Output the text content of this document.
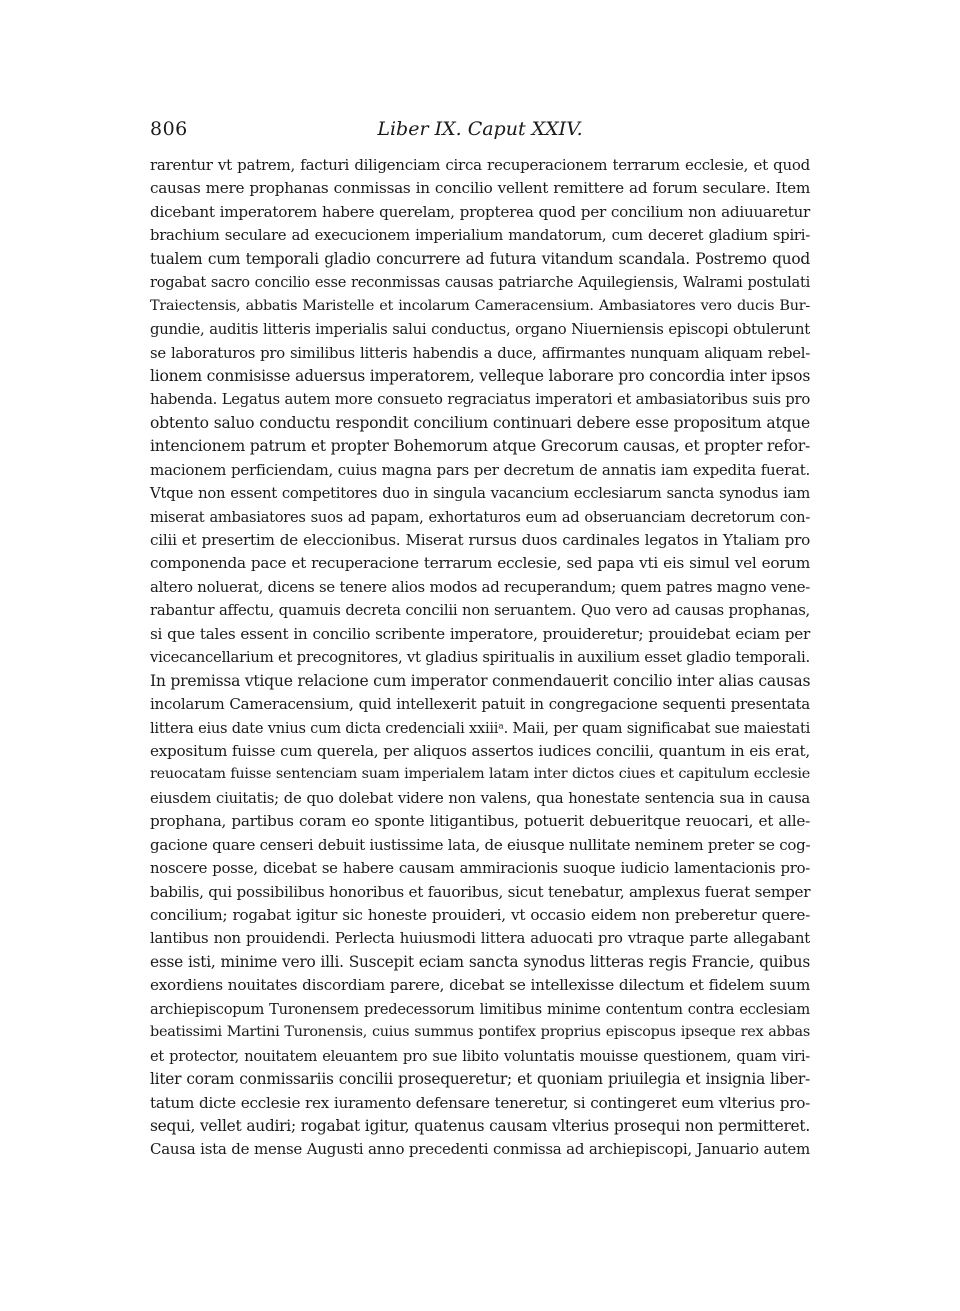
806	Liber IX. Caput XXIV.
rarentur vt patrem, facturi diligenciam circa recuperacionem terrarum ecclesie, et quod
causas mere prophanas conmissas in concilio vellent remittere ad forum seculare. Item
dicebant imperatorem habere querelam, propterea quod per concilium non adiuuaretur
brachium seculare ad execucionem imperialium mandatorum, cum deceret gladium spiri-
tualem cum temporali gladio concurrere ad futura vitandum scandala. Postremo quod
rogabat sacro concilio esse reconmissas causas patriarche Aquilegiensis, Walrami postulati
Traiectensis, abbatis Maristelle et incolarum Cameracensium. Ambasiatores vero ducis Bur-
gundie, auditis litteris imperialis salui conductus, organo Niuerniensis episcopi obtulerunt
se laboraturos pro similibus litteris habendis a duce, affirmantes nunquam aliquam rebel-
lionem conmisisse aduersus imperatorem, velleque laborare pro concordia inter ipsos
habenda. Legatus autem more consueto regraciatus imperatori et ambasiatoribus suis pro
obtento saluo conductu respondit concilium continuari debere esse propositum atque
intencionem patrum et propter Bohemorum atque Grecorum causas, et propter refor-
macionem perficiendam, cuius magna pars per decretum de annatis iam expedita fuerat.
Vtque non essent competitores duo in singula vacancium ecclesiarum sancta synodus iam
miserat ambasiatores suos ad papam, exhortaturos eum ad obseruanciam decretorum con-
cilii et presertim de eleccionibus. Miserat rursus duos cardinales legatos in Ytaliam pro
componenda pace et recuperacione terrarum ecclesie, sed papa vti eis simul vel eorum
altero noluerat, dicens se tenere alios modos ad recuperandum; quem patres magno vene-
rabantur affectu, quamuis decreta concilii non seruantem. Quo vero ad causas prophanas,
si que tales essent in concilio scribente imperatore, prouideretur; prouidebat eciam per
vicecancellarium et precognitores, vt gladius spiritualis in auxilium esset gladio temporali.
In premissa vtique relacione cum imperator conmendauerit concilio inter alias causas
incolarum Cameracensium, quid intellexerit patuit in congregacione sequenti presentata
littera eius date vnius cum dicta credenciali xxiiiᵃ. Maii, per quam significabat sue maiestati
expositum fuisse cum querela, per aliquos assertos iudices concilii, quantum in eis erat,
reuocatam fuisse sentenciam suam imperialem latam inter dictos ciues et capitulum ecclesie
eiusdem ciuitatis; de quo dolebat videre non valens, qua honestate sentencia sua in causa
prophana, partibus coram eo sponte litigantibus, potuerit debueritque reuocari, et alle-
gacione quare censeri debuit iustissime lata, de eiusque nullitate neminem preter se cog-
noscere posse, dicebat se habere causam ammiracionis suoque iudicio lamentacionis pro-
babilis, qui possibilibus honoribus et fauoribus, sicut tenebatur, amplexus fuerat semper
concilium; rogabat igitur sic honeste prouideri, vt occasio eidem non preberetur quere-
lantibus non prouidendi. Perlecta huiusmodi littera aduocati pro vtraque parte allegabant
esse isti, minime vero illi. Suscepit eciam sancta synodus litteras regis Francie, quibus
exordiens nouitates discordiam parere, dicebat se intellexisse dilectum et fidelem suum
archiepiscopum Turonensem predecessorum limitibus minime contentum contra ecclesiam
beatissimi Martini Turonensis, cuius summus pontifex proprius episcopus ipseque rex abbas
et protector, nouitatem eleuantem pro sue libito voluntatis mouisse questionem, quam viri-
liter coram conmissariis concilii prosequeretur; et quoniam priuilegia et insignia liber-
tatum dicte ecclesie rex iuramento defensare teneretur, si contingeret eum vlterius pro-
sequi, vellet audiri; rogabat igitur, quatenus causam vlterius prosequi non permitteret.
Causa ista de mense Augusti anno precedenti conmissa ad archiepiscopi, Januario autem
